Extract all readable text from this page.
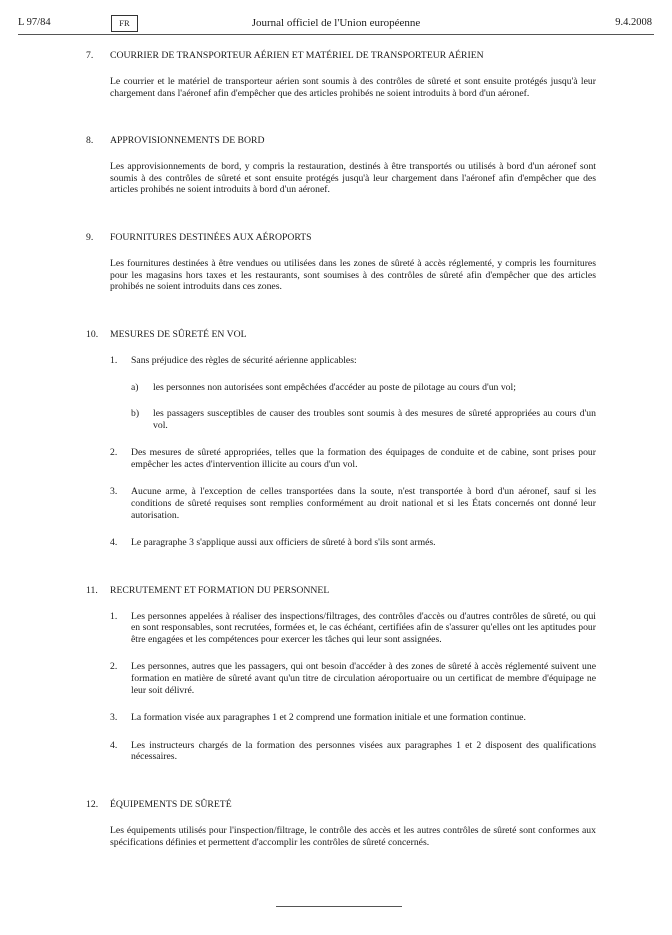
L 97/84	FR	Journal officiel de l'Union européenne	9.4.2008
7. COURRIER DE TRANSPORTEUR AÉRIEN ET MATÉRIEL DE TRANSPORTEUR AÉRIEN
Le courrier et le matériel de transporteur aérien sont soumis à des contrôles de sûreté et sont ensuite protégés jusqu'à leur chargement dans l'aéronef afin d'empêcher que des articles prohibés ne soient introduits à bord d'un aéronef.
8. APPROVISIONNEMENTS DE BORD
Les approvisionnements de bord, y compris la restauration, destinés à être transportés ou utilisés à bord d'un aéronef sont soumis à des contrôles de sûreté et sont ensuite protégés jusqu'à leur chargement dans l'aéronef afin d'empêcher que des articles prohibés ne soient introduits à bord d'un aéronef.
9. FOURNITURES DESTINÉES AUX AÉROPORTS
Les fournitures destinées à être vendues ou utilisées dans les zones de sûreté à accès réglementé, y compris les fournitures pour les magasins hors taxes et les restaurants, sont soumises à des contrôles de sûreté afin d'empêcher que des articles prohibés ne soient introduits dans ces zones.
10. MESURES DE SÛRETÉ EN VOL
1. Sans préjudice des règles de sécurité aérienne applicables:
a) les personnes non autorisées sont empêchées d'accéder au poste de pilotage au cours d'un vol;
b) les passagers susceptibles de causer des troubles sont soumis à des mesures de sûreté appropriées au cours d'un vol.
2. Des mesures de sûreté appropriées, telles que la formation des équipages de conduite et de cabine, sont prises pour empêcher les actes d'intervention illicite au cours d'un vol.
3. Aucune arme, à l'exception de celles transportées dans la soute, n'est transportée à bord d'un aéronef, sauf si les conditions de sûreté requises sont remplies conformément au droit national et si les États concernés ont donné leur autorisation.
4. Le paragraphe 3 s'applique aussi aux officiers de sûreté à bord s'ils sont armés.
11. RECRUTEMENT ET FORMATION DU PERSONNEL
1. Les personnes appelées à réaliser des inspections/filtrages, des contrôles d'accès ou d'autres contrôles de sûreté, ou qui en sont responsables, sont recrutées, formées et, le cas échéant, certifiées afin de s'assurer qu'elles ont les aptitudes pour être engagées et les compétences pour exercer les tâches qui leur sont assignées.
2. Les personnes, autres que les passagers, qui ont besoin d'accéder à des zones de sûreté à accès réglementé suivent une formation en matière de sûreté avant qu'un titre de circulation aéroportuaire ou un certificat de membre d'équipage ne leur soit délivré.
3. La formation visée aux paragraphes 1 et 2 comprend une formation initiale et une formation continue.
4. Les instructeurs chargés de la formation des personnes visées aux paragraphes 1 et 2 disposent des qualifications nécessaires.
12. ÉQUIPEMENTS DE SÛRETÉ
Les équipements utilisés pour l'inspection/filtrage, le contrôle des accès et les autres contrôles de sûreté sont conformes aux spécifications définies et permettent d'accomplir les contrôles de sûreté concernés.
